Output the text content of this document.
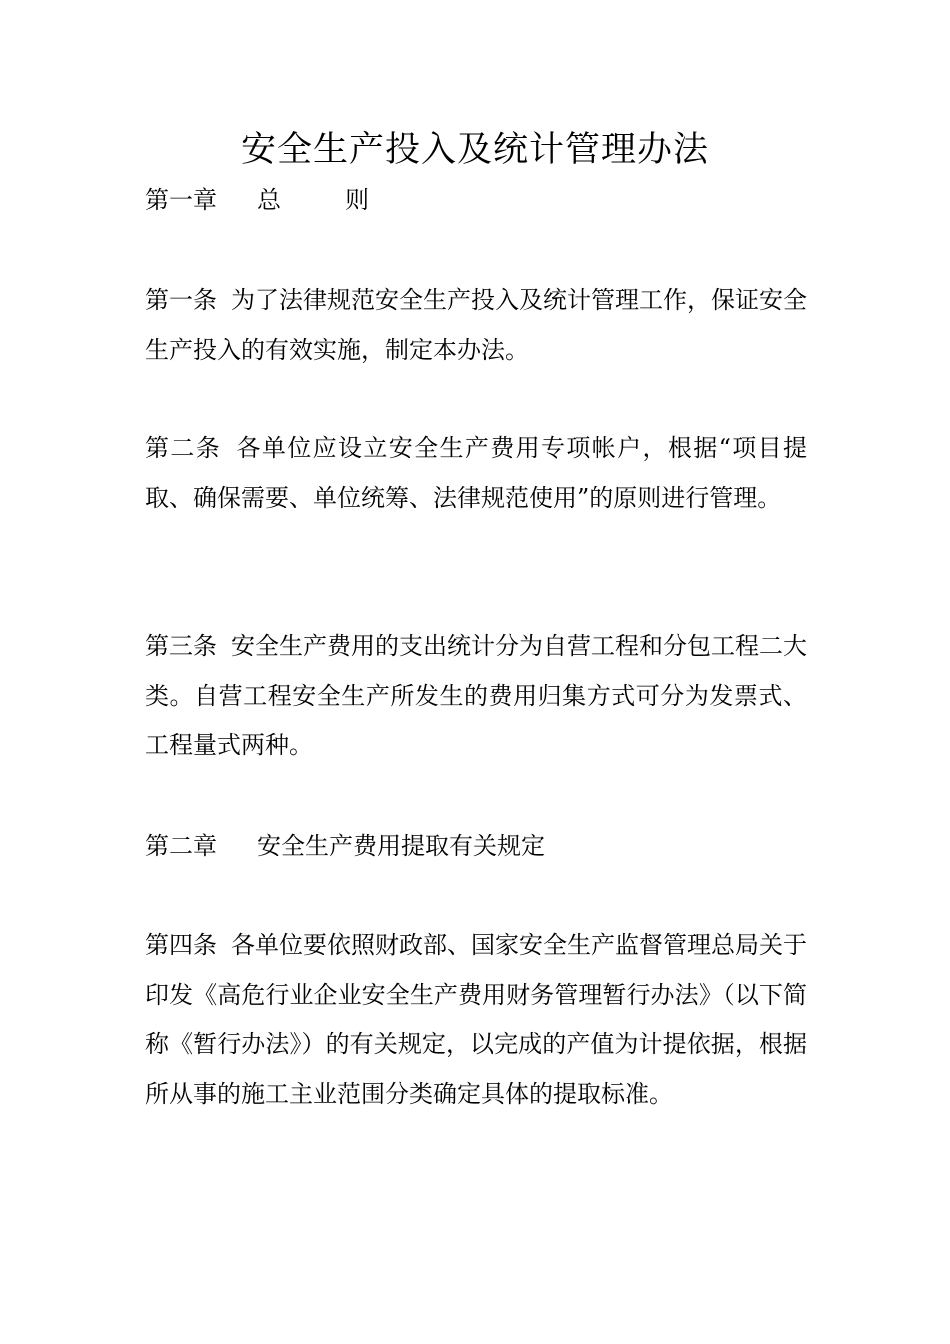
安全生产投入及统计管理办法

第一章 总则

第一条 为了法律规范安全生产投入及统计管理工作，保证安全生产投入的有效实施，制定本办法。

第二条 各单位应设立安全生产费用专项帐户，根据“项目提取、确保需要、单位统筹、法律规范使用”的原则进行管理。

第三条 安全生产费用的支出统计分为自营工程和分包工程二大类。自营工程安全生产所发生的费用归集方式可分为发票式、工程量式两种。

第二章 安全生产费用提取有关规定

第四条 各单位要依照财政部、国家安全生产监督管理总局关于印发《高危行业企业安全生产费用财务管理暂行办法》（以下简称《暂行办法》）的有关规定，以完成的产值为计提依据，根据所从事的施工主业范围分类确定具体的提取标准。
